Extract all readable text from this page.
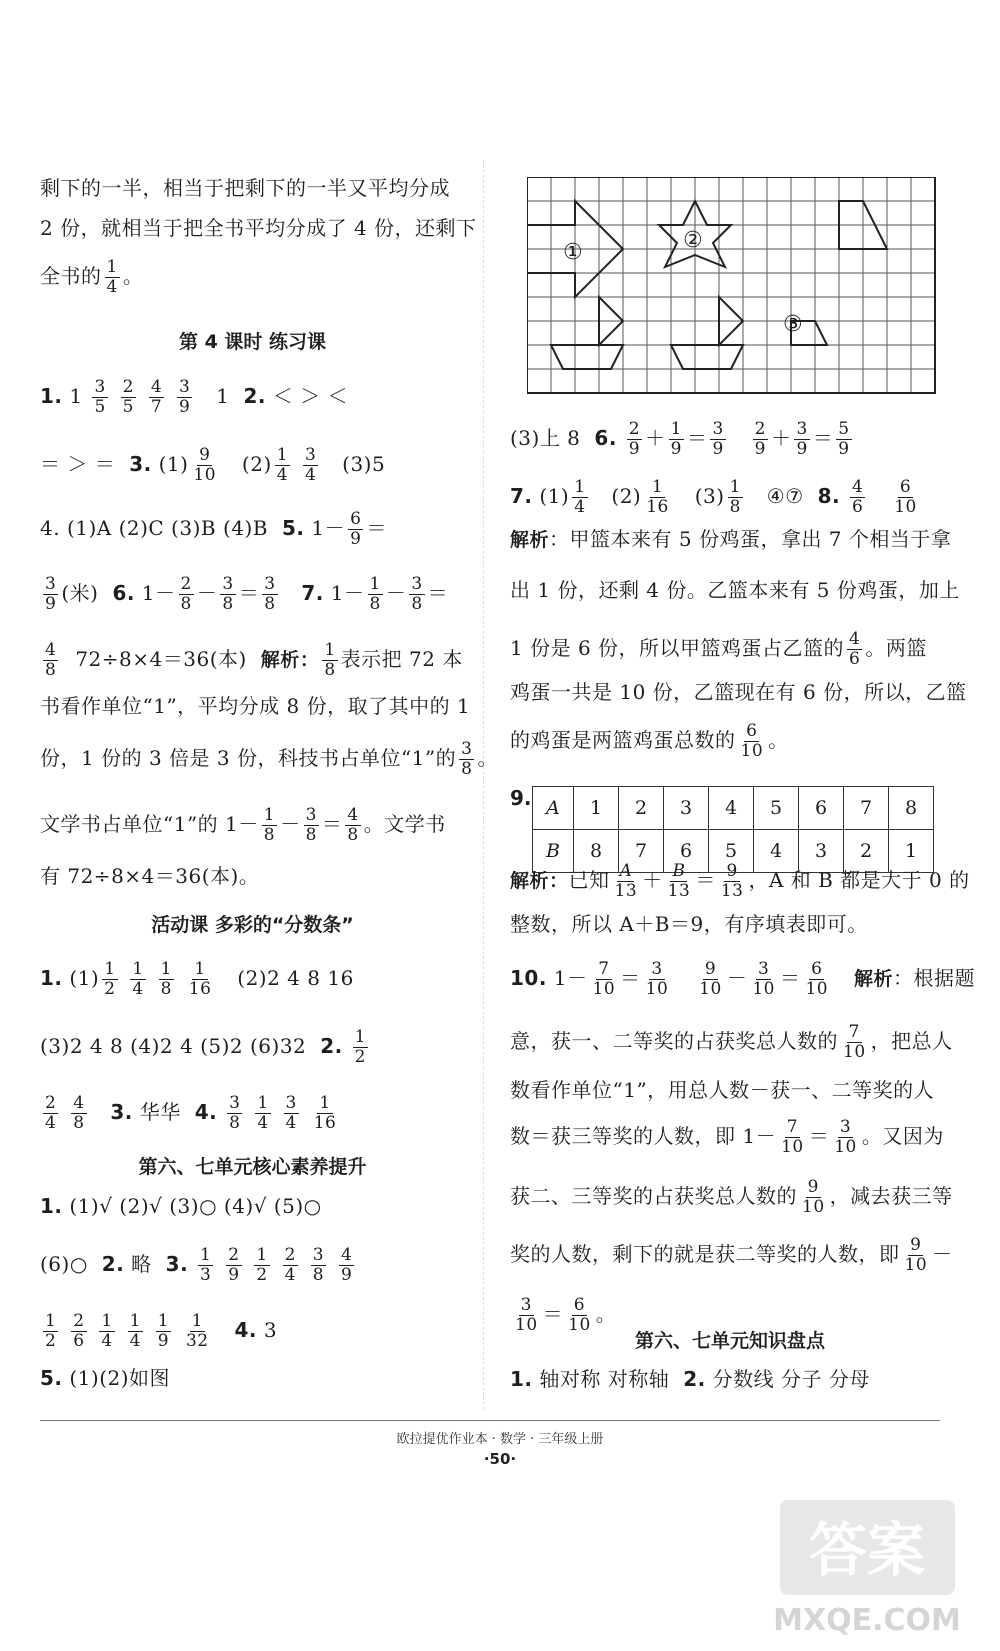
剩下的一半，相当于把剩下的一半又平均分成
2 份，就相当于把全书平均分成了 4 份，还剩下
全书的 $\frac{1}{4}$ 。
第 4 课时 练习课
1. $1 \frac{3}{5}$
$\frac{2}{5}$
$\frac{4}{7}$
$\frac{3}{9} 1$ 2. ＜ ＞ ＜
＝ ＞ ＝ 3. $(1) \frac{9}{10} (2) \frac{1}{4}$
$\frac{3}{4} (3)5$
4. (1)A (2)C (3)B (4)B 5. $1- \frac{6}{9}$ ＝
$\frac{3}{9}$ (米) 6. $1- \frac{2}{8} - \frac{3}{8} = \frac{3}{8} 7$. $1- \frac{1}{8} - \frac{3}{8}$ ＝
$\frac{4}{8} 72\div 8\times 4=36$(本) 解析： $\frac{1}{8}$ 表示把 72 本
书看作单位“1”，平均分成 8 份，取了其中的 1
份，1 份的 3 倍是 3 份，科技书占单位“1”的 $\frac{3}{8}$ 。
文学书占单位“1”的 $1- \frac{1}{8} - \frac{3}{8} = \frac{4}{8}$ 。文学书
有 72÷8×4＝36(本)。
活动课 多彩的“分数条”
1. $(1) \frac{1}{2}$
$\frac{1}{4}$
$\frac{1}{8}$
$\frac{1}{16} (2)2$ 4 8 16
(3)2 4 8 (4)2 4 (5)2 (6)32 2. $\frac{1}{2}$
$\frac{2}{4}$
$\frac{4}{8} 3$. 华华 4. $\frac{3}{8}$
$\frac{1}{4}$
$\frac{3}{4}$
$\frac{1}{16}$
第六、七单元核心素养提升
1. (1)√ (2)√ (3)○ (4)√ (5)○
(6)○ 2. 略 3. $\frac{1}{3}$
$\frac{2}{9}$
$\frac{1}{2}$
$\frac{2}{4}$
$\frac{3}{8}$
$\frac{4}{9}$
$\frac{1}{2}$
$\frac{2}{6}$
$\frac{1}{4}$
$\frac{1}{4}$
$\frac{1}{9}$
$\frac{1}{32} 4$. 3
5. (1)(2)如图
①	②
③
(3)上 8 6. $\frac{2}{9} + \frac{1}{9} = \frac{3}{9}$
$\frac{2}{9} + \frac{3}{9} = \frac{5}{9}$
7. $(1) \frac{1}{4} (2) \frac{1}{16} (3) \frac{1}{8}$ ④⑦ 8. $\frac{4}{6}$
$\frac{6}{10}$
解析：甲篮本来有 5 份鸡蛋，拿出 7 个相当于拿
出 1 份，还剩 4 份。乙篮本来有 5 份鸡蛋，加上
1 份是 6 份，所以甲篮鸡蛋占乙篮的 $\frac{4}{6}$ 。两篮
鸡蛋一共是 10 份，乙篮现在有 6 份，所以，乙篮
的鸡蛋是两篮鸡蛋总数的 $\frac{6}{10}$ 。
9. A	1	2	3	4	5	6	7	8
B	8	7	6	5	4	3	2	1
解析：已知 $\frac{A}{13} + \frac{B}{13} = \frac{9}{13}$ ，A 和 B 都是大于 0 的
整数，所以 A＋B＝9，有序填表即可。
10. $1- \frac{7}{10} = \frac{3}{10}$
$\frac{9}{10} - \frac{3}{10} = \frac{6}{10}$ 解析：根据题
意，获一、二等奖的占获奖总人数的 $\frac{7}{10}$ ，把总人
数看作单位“1”，用总人数－获一、二等奖的人
数＝获三等奖的人数，即 $1- \frac{7}{10} = \frac{3}{10}$ 。又因为
获二、三等奖的占获奖总人数的 $\frac{9}{10}$ ，减去获三等
奖的人数，剩下的就是获二等奖的人数，即 $\frac{9}{10}$ －
$\frac{3}{10} = \frac{6}{10}$ 。
第六、七单元知识盘点
1. 轴对称 对称轴 2. 分数线 分子 分母
欧拉提优作业本 · 数学 · 三年级上册
·50·
答案
MXQE.COM
